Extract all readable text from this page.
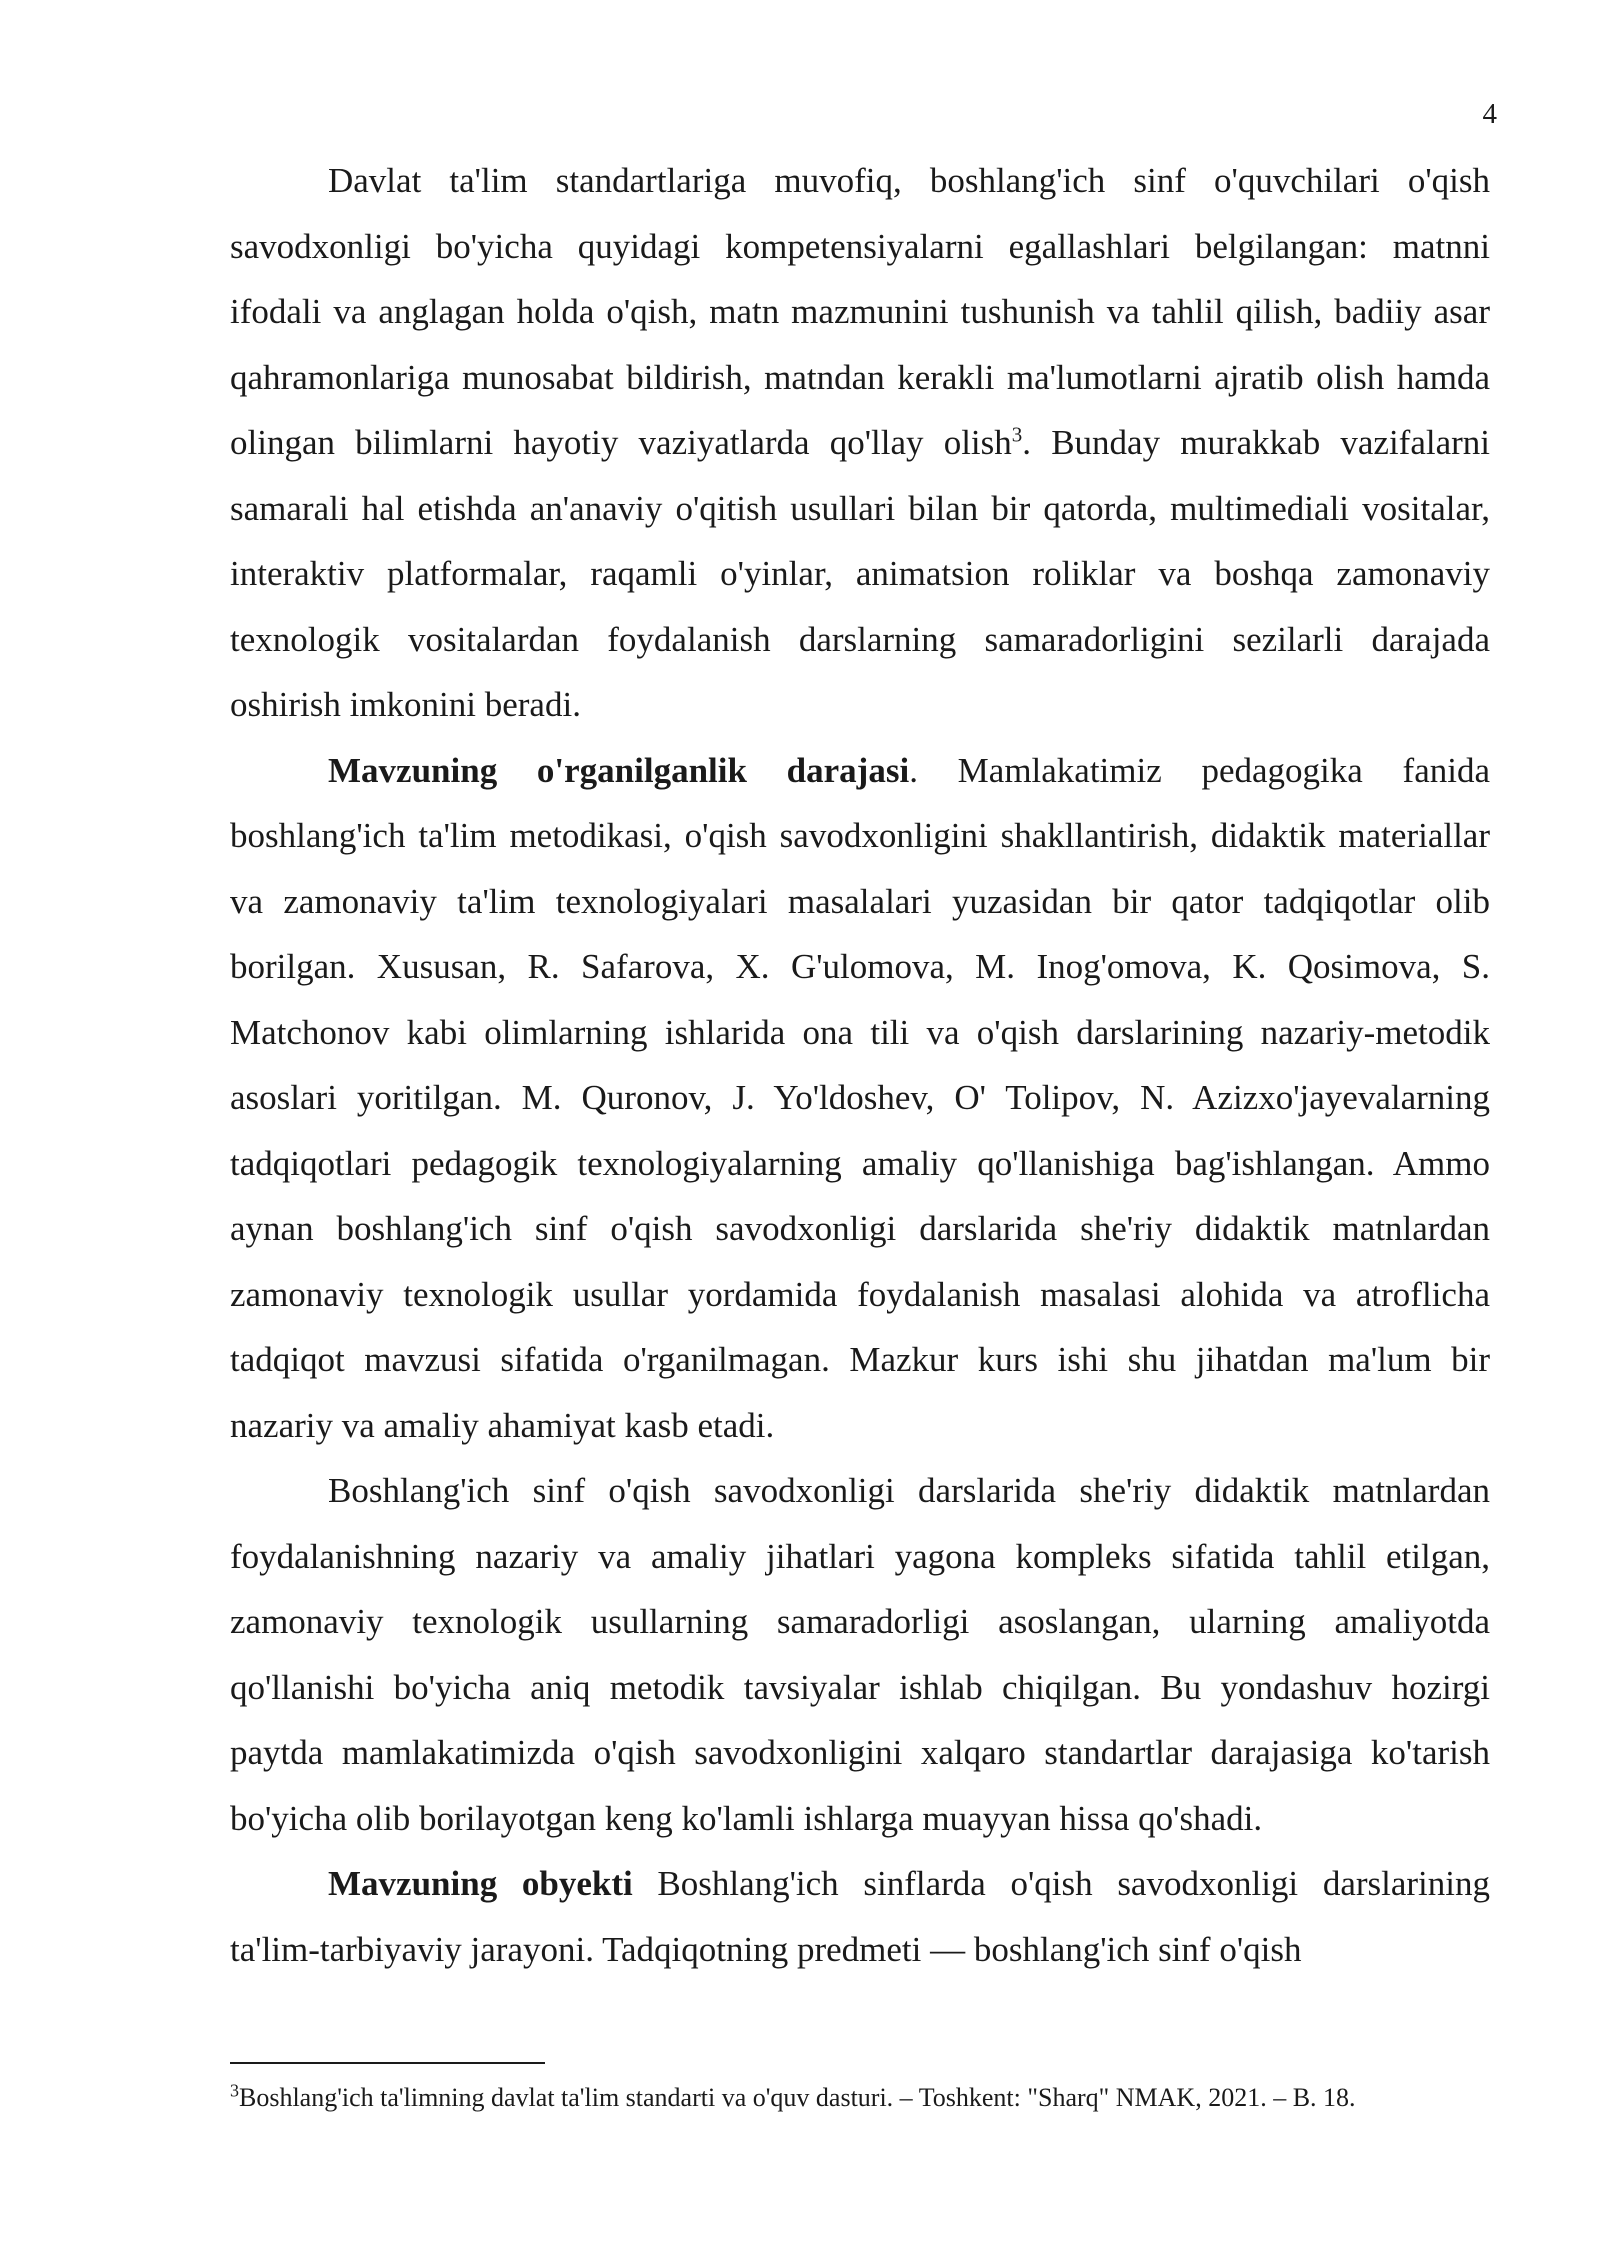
4

Davlat ta'lim standartlariga muvofiq, boshlang'ich sinf o'quvchilari o'qish savodxonligi bo'yicha quyidagi kompetensiyalarni egallashlari belgilangan: matnni ifodali va anglagan holda o'qish, matn mazmunini tushunish va tahlil qilish, badiiy asar qahramonlariga munosabat bildirish, matndan kerakli ma'lumotlarni ajratib olish hamda olingan bilimlarni hayotiy vaziyatlarda qo'llay olish$^3$. Bunday murakkab vazifalarni samarali hal etishda an'anaviy o'qitish usullari bilan bir qatorda, multimediali vositalar, interaktiv platformalar, raqamli o'yinlar, animatsion roliklar va boshqa zamonaviy texnologik vositalardan foydalanish darslarning samaradorligini sezilarli darajada oshirish imkonini beradi.

Mavzuning o'rganilganlik darajasi. Mamlakatimiz pedagogika fanida boshlang'ich ta'lim metodikasi, o'qish savodxonligini shakllantirish, didaktik materiallar va zamonaviy ta'lim texnologiyalari masalalari yuzasidan bir qator tadqiqotlar olib borilgan. Xususan, R. Safarova, X. G'ulomova, M. Inog'omova, K. Qosimova, S. Matchonov kabi olimlarning ishlarida ona tili va o'qish darslarining nazariy-metodik asoslari yoritilgan. M. Quronov, J. Yo'ldoshev, O' Tolipov, N. Azizxo'jayevalarning tadqiqotlari pedagogik texnologiyalarning amaliy qo'llanishiga bag'ishlangan. Ammo aynan boshlang'ich sinf o'qish savodxonligi darslarida she'riy didaktik matnlardan zamonaviy texnologik usullar yordamida foydalanish masalasi alohida va atroflicha tadqiqot mavzusi sifatida o'rganilmagan. Mazkur kurs ishi shu jihatdan ma'lum bir nazariy va amaliy ahamiyat kasb etadi.

Boshlang'ich sinf o'qish savodxonligi darslarida she'riy didaktik matnlardan foydalanishning nazariy va amaliy jihatlari yagona kompleks sifatida tahlil etilgan, zamonaviy texnologik usullarning samaradorligi asoslangan, ularning amaliyotda qo'llanishi bo'yicha aniq metodik tavsiyalar ishlab chiqilgan. Bu yondashuv hozirgi paytda mamlakatimizda o'qish savodxonligini xalqaro standartlar darajasiga ko'tarish bo'yicha olib borilayotgan keng ko'lamli ishlarga muayyan hissa qo'shadi.

Mavzuning obyekti Boshlang'ich sinflarda o'qish savodxonligi darslarining ta'lim-tarbiyaviy jarayoni. Tadqiqotning predmeti — boshlang'ich sinf o'qish

$^3$Boshlang'ich ta'limning davlat ta'lim standarti va o'quv dasturi. – Toshkent: "Sharq" NMAK, 2021. – B. 18.
